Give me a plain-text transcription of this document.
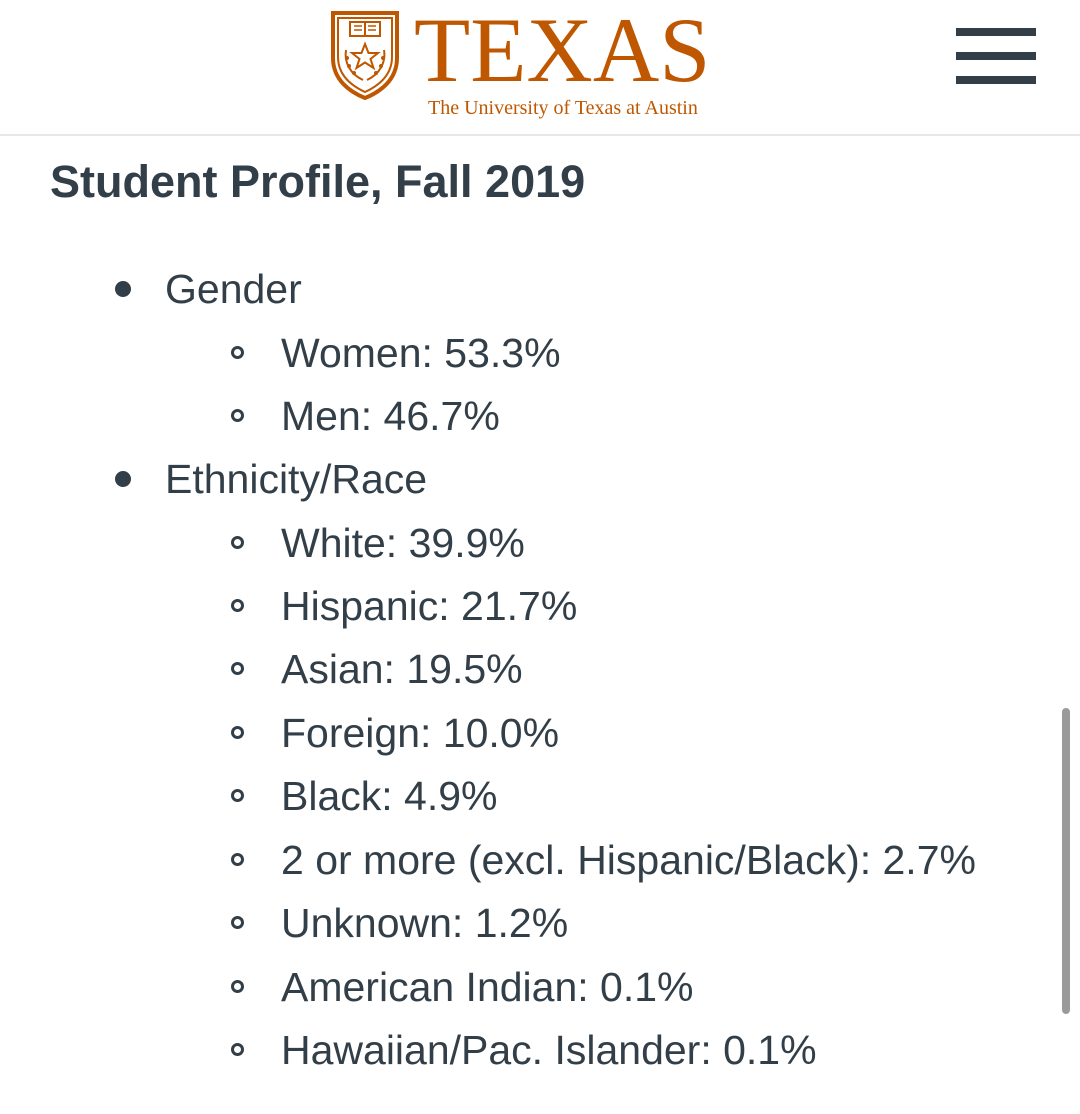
TEXAS
The University of Texas at Austin
Student Profile, Fall 2019
Gender
Women: 53.3%
Men: 46.7%
Ethnicity/Race
White: 39.9%
Hispanic: 21.7%
Asian: 19.5%
Foreign: 10.0%
Black: 4.9%
2 or more (excl. Hispanic/Black): 2.7%
Unknown: 1.2%
American Indian: 0.1%
Hawaiian/Pac. Islander: 0.1%
